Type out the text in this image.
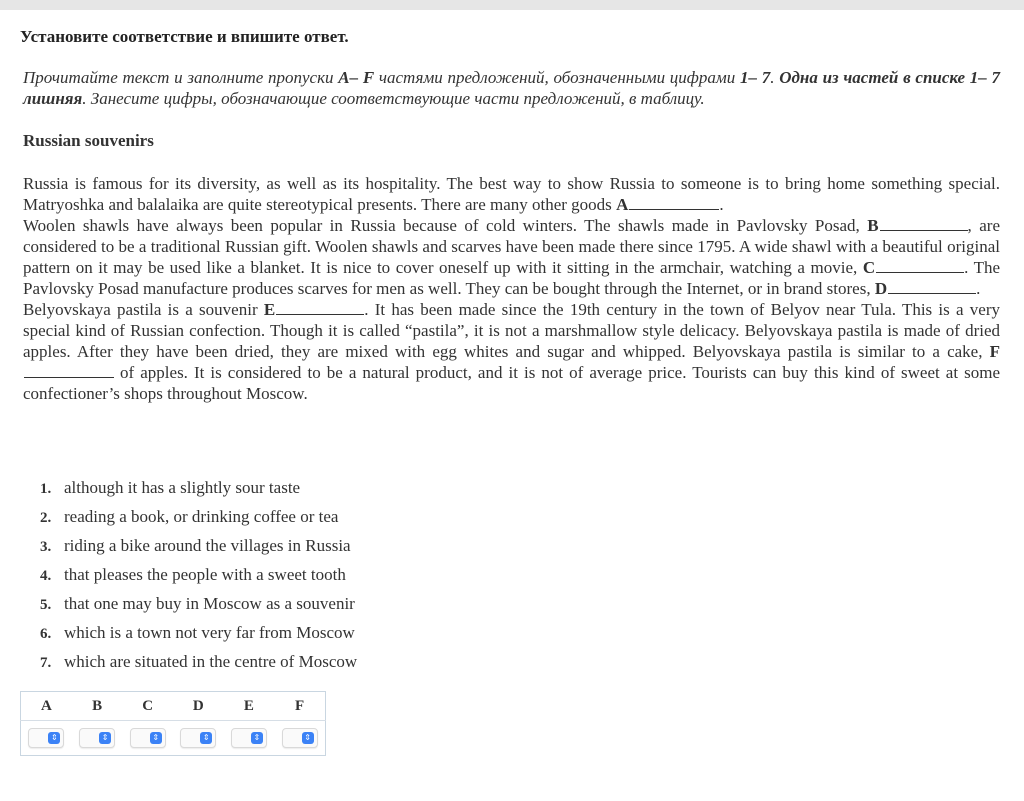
Установите соответствие и впишите ответ.
Прочитайте текст и заполните пропуски A– F частями предложений, обозначенными цифрами 1– 7. Одна из частей в списке 1– 7 лишняя. Занесите цифры, обозначающие соответствующие части предложений, в таблицу.
Russian souvenirs

Russia is famous for its diversity, as well as its hospitality. The best way to show Russia to someone is to bring home something special. Matryoshka and balalaika are quite stereotypical presents. There are many other goods A	.

Woolen shawls have always been popular in Russia because of cold winters. The shawls made in Pavlovsky Posad, B	, are considered to be a traditional Russian gift. Woolen shawls and scarves have been made there since 1795. A wide shawl with a beautiful original pattern on it may be used like a blanket. It is nice to cover oneself up with it sitting in the armchair, watching a movie, C	. The Pavlovsky Posad manufacture produces scarves for men as well. They can be bought through the Internet, or in brand stores, D	.

Belyovskaya pastila is a souvenir E	. It has been made since the 19th century in the town of Belyov near Tula. This is a very special kind of Russian confection. Though it is called “pastila”, it is not a marshmallow style delicacy. Belyovskaya pastila is made of dried apples. After they have been dried, they are mixed with egg whites and sugar and whipped. Belyovskaya pastila is similar to a cake, F of apples. It is considered to be a natural product, and it is not of average price. Tourists can buy this kind of sweet at some confectioner’s shops throughout Moscow.

1. although it has a slightly sour taste
2. reading a book, or drinking coffee or tea
3. riding a bike around the villages in Russia
4. that pleases the people with a sweet tooth
5. that one may buy in Moscow as a souvenir
6. which is a town not very far from Moscow
7. which are situated in the centre of Moscow
A	B	C	D	E	F

⇕	⇕	⇕	⇕	⇕	⇕
